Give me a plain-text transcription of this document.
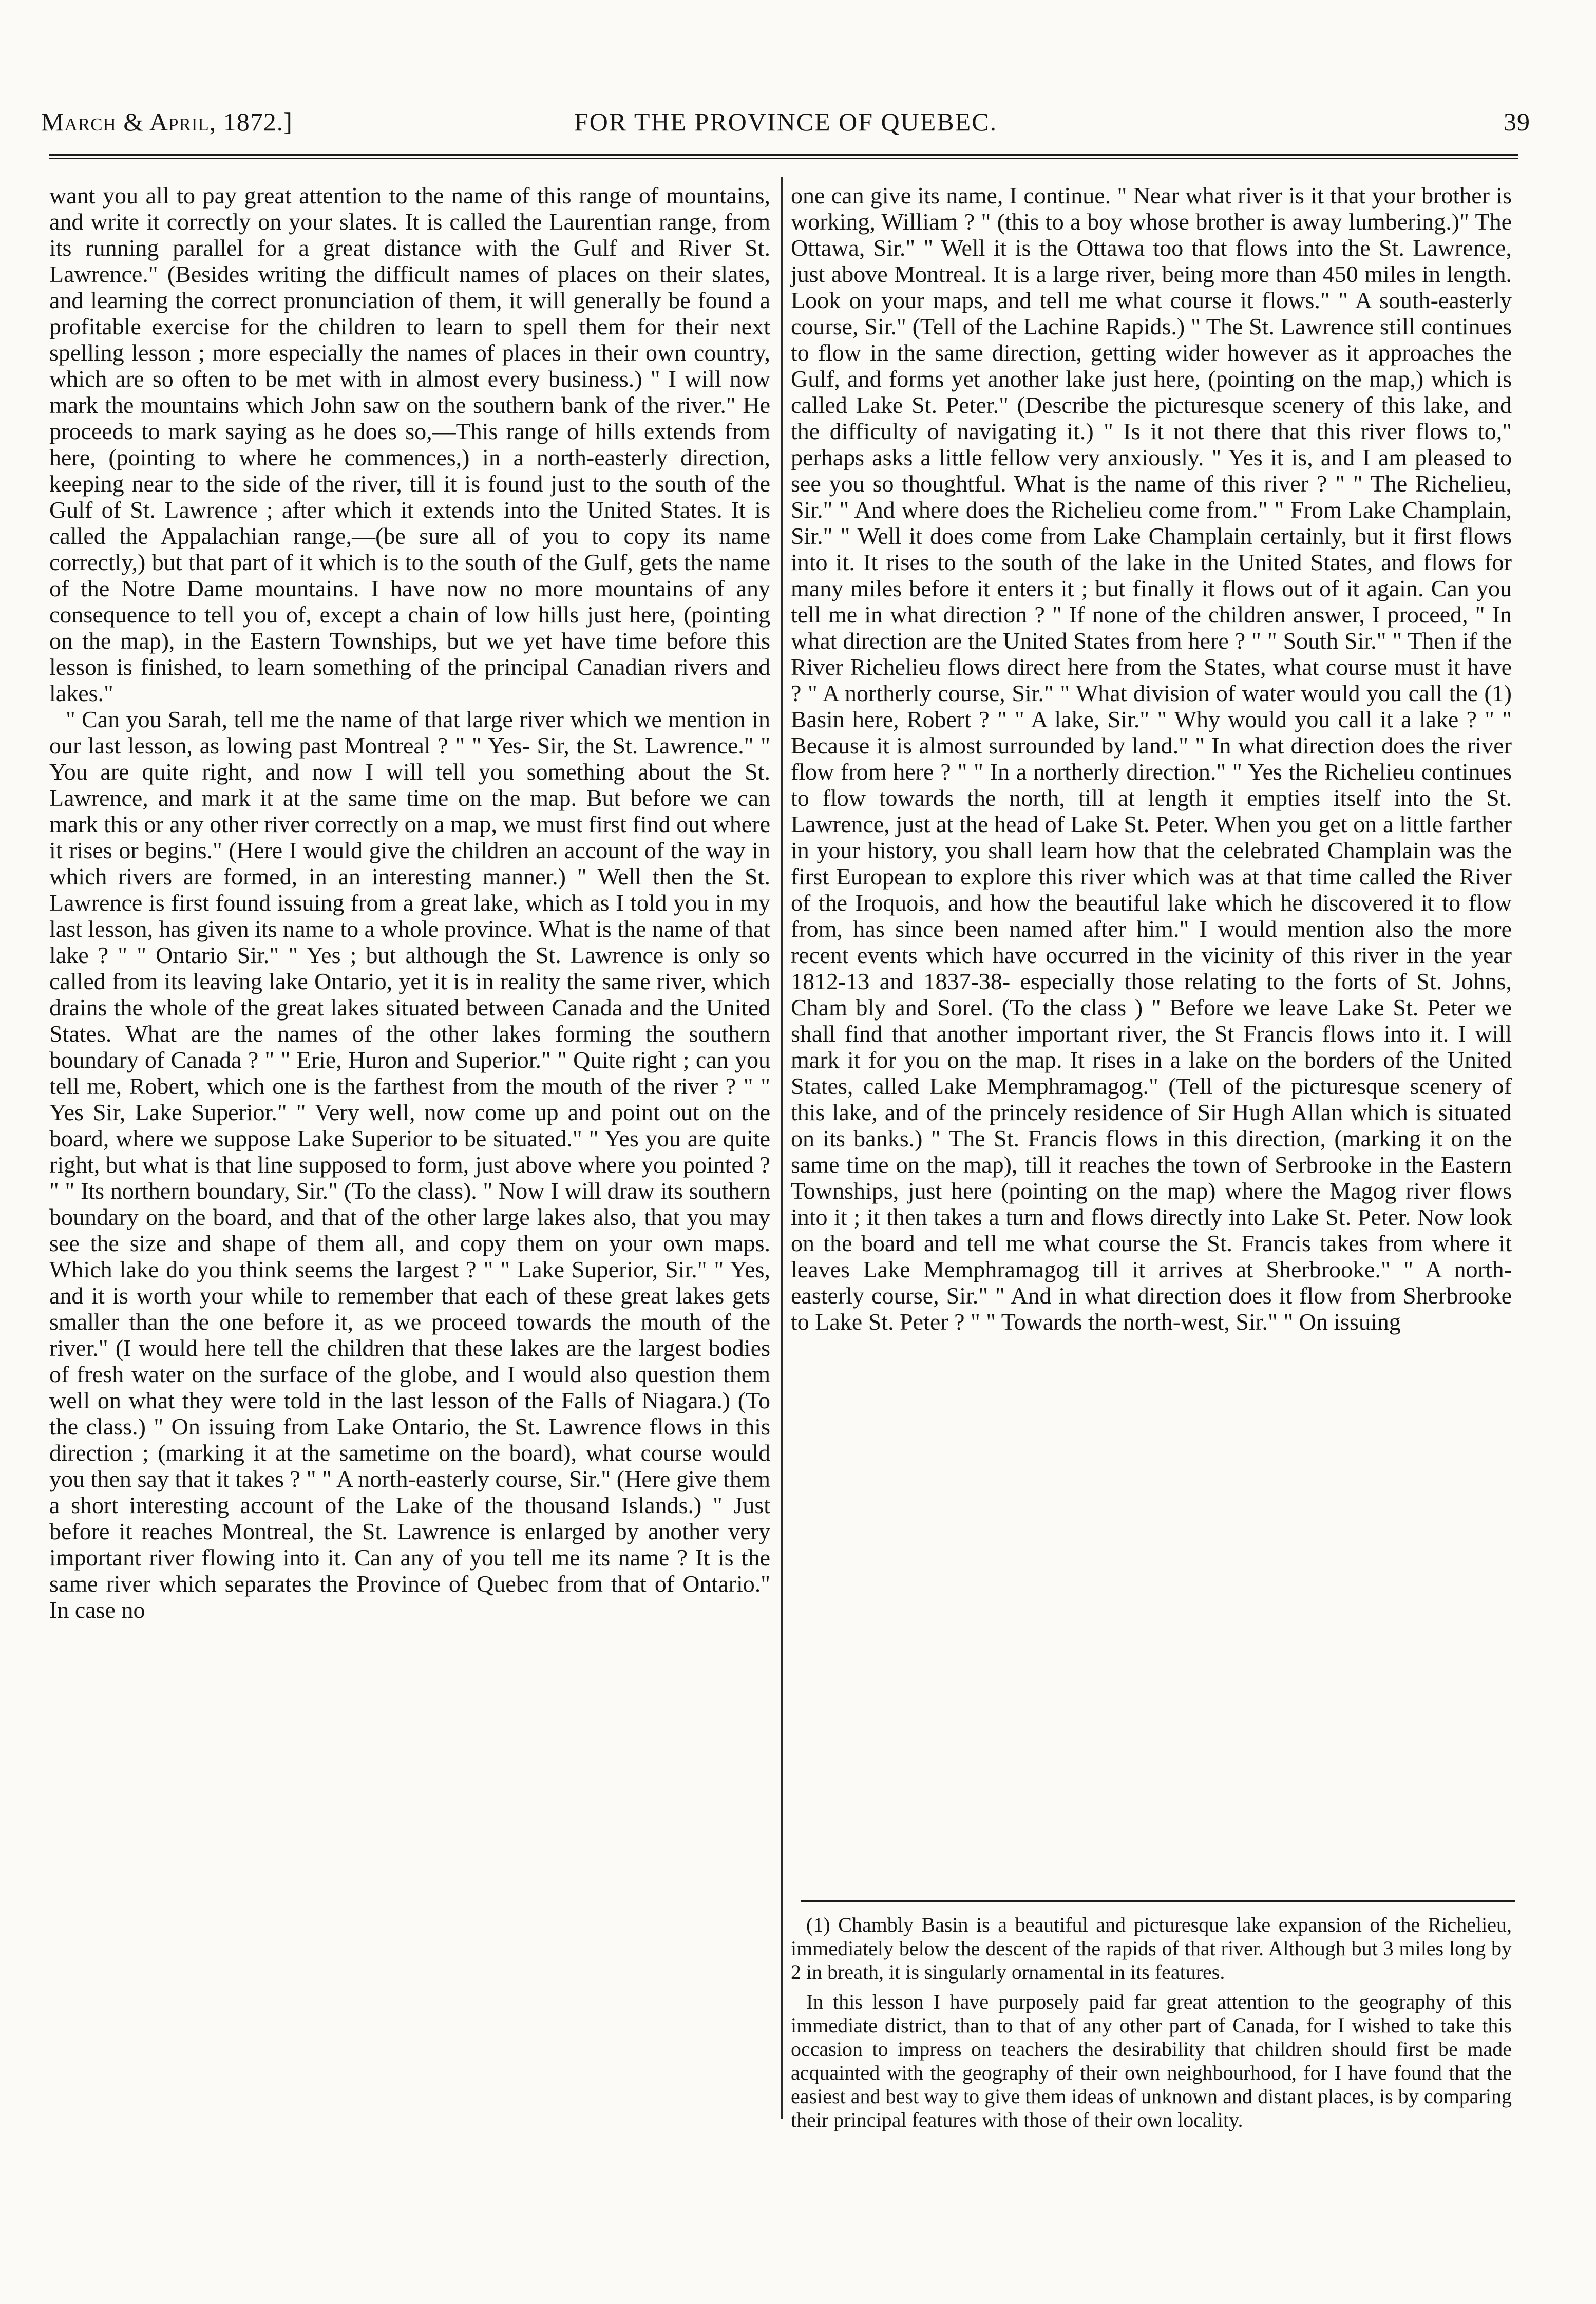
FOR THE PROVINCE OF QUEBEC.
March & April, 1872.]	39

want you all to pay great attention to the name of this range of mountains, and write it correctly on your slates. It is called the Laurentian range, from its running parallel for a great distance with the Gulf and River St. Lawrence." (Besides writing the difficult names of places on their slates, and learning the correct pronunciation of them, it will generally be found a profitable exercise for the children to learn to spell them for their next spelling lesson ; more especially the names of places in their own country, which are so often to be met with in almost every business.) " I will now mark the mountains which John saw on the southern bank of the river." He proceeds to mark saying as he does so,—This range of hills extends from here, (pointing to where he commences,) in a north-easterly direction, keeping near to the side of the river, till it is found just to the south of the Gulf of St. Lawrence ; after which it extends into the United States. It is called the Appalachian range,—(be sure all of you to copy its name correctly,) but that part of it which is to the south of the Gulf, gets the name of the Notre Dame mountains. I have now no more mountains of any consequence to tell you of, except a chain of low hills just here, (pointing on the map), in the Eastern Townships, but we yet have time before this lesson is finished, to learn something of the principal Canadian rivers and lakes."

" Can you Sarah, tell me the name of that large river which we mention in our last lesson, as lowing past Montreal ? " " Yes- Sir, the St. Lawrence." " You are quite right, and now I will tell you something about the St. Lawrence, and mark it at the same time on the map. But before we can mark this or any other river correctly on a map, we must first find out where it rises or begins." (Here I would give the children an account of the way in which rivers are formed, in an interesting manner.) " Well then the St. Lawrence is first found issuing from a great lake, which as I told you in my last lesson, has given its name to a whole province. What is the name of that lake ? " " Ontario Sir." " Yes ; but although the St. Lawrence is only so called from its leaving lake Ontario, yet it is in reality the same river, which drains the whole of the great lakes situated between Canada and the United States. What are the names of the other lakes forming the southern boundary of Canada ? " " Erie, Huron and Superior." " Quite right ; can you tell me, Robert, which one is the farthest from the mouth of the river ? " " Yes Sir, Lake Superior." " Very well, now come up and point out on the board, where we suppose Lake Superior to be situated." " Yes you are quite right, but what is that line supposed to form, just above where you pointed ? " " Its northern boundary, Sir." (To the class). " Now I will draw its southern boundary on the board, and that of the other large lakes also, that you may see the size and shape of them all, and copy them on your own maps. Which lake do you think seems the largest ? " " Lake Superior, Sir." " Yes, and it is worth your while to remember that each of these great lakes gets smaller than the one before it, as we proceed towards the mouth of the river." (I would here tell the children that these lakes are the largest bodies of fresh water on the surface of the globe, and I would also question them well on what they were told in the last lesson of the Falls of Niagara.) (To the class.) " On issuing from Lake Ontario, the St. Lawrence flows in this direction ; (marking it at the sametime on the board), what course would you then say that it takes ? " " A north-easterly course, Sir." (Here give them a short interesting account of the Lake of the thousand Islands.) " Just before it reaches Montreal, the St. Lawrence is enlarged by another very important river flowing into it. Can any of you tell me its name ? It is the same river which separates the Province of Quebec from that of Ontario." In case no

one can give its name, I continue. " Near what river is it that your brother is working, William ? " (this to a boy whose brother is away lumbering.)" The Ottawa, Sir." " Well it is the Ottawa too that flows into the St. Lawrence, just above Montreal. It is a large river, being more than 450 miles in length. Look on your maps, and tell me what course it flows." " A south-easterly course, Sir." (Tell of the Lachine Rapids.) " The St. Lawrence still continues to flow in the same direction, getting wider however as it approaches the Gulf, and forms yet another lake just here, (pointing on the map,) which is called Lake St. Peter." (Describe the picturesque scenery of this lake, and the difficulty of navigating it.) " Is it not there that this river flows to," perhaps asks a little fellow very anxiously. " Yes it is, and I am pleased to see you so thoughtful. What is the name of this river ? " " The Richelieu, Sir." " And where does the Richelieu come from." " From Lake Champlain, Sir." " Well it does come from Lake Champlain certainly, but it first flows into it. It rises to the south of the lake in the United States, and flows for many miles before it enters it ; but finally it flows out of it again. Can you tell me in what direction ? " If none of the children answer, I proceed, " In what direction are the United States from here ? " " South Sir." " Then if the River Richelieu flows direct here from the States, what course must it have ? " A northerly course, Sir." " What division of water would you call the (1) Basin here, Robert ? " " A lake, Sir." " Why would you call it a lake ? " " Because it is almost surrounded by land." " In what direction does the river flow from here ? " " In a northerly direction." " Yes the Richelieu continues to flow towards the north, till at length it empties itself into the St. Lawrence, just at the head of Lake St. Peter. When you get on a little farther in your history, you shall learn how that the celebrated Champlain was the first European to explore this river which was at that time called the River of the Iroquois, and how the beautiful lake which he discovered it to flow from, has since been named after him." I would mention also the more recent events which have occurred in the vicinity of this river in the year 1812-13 and 1837-38- especially those relating to the forts of St. Johns, Cham bly and Sorel. (To the class ) " Before we leave Lake St. Peter we shall find that another important river, the St Francis flows into it. I will mark it for you on the map. It rises in a lake on the borders of the United States, called Lake Memphramagog." (Tell of the picturesque scenery of this lake, and of the princely residence of Sir Hugh Allan which is situated on its banks.) " The St. Francis flows in this direction, (marking it on the same time on the map), till it reaches the town of Serbrooke in the Eastern Townships, just here (pointing on the map) where the Magog river flows into it ; it then takes a turn and flows directly into Lake St. Peter. Now look on the board and tell me what course the St. Francis takes from where it leaves Lake Memphramagog till it arrives at Sherbrooke." " A north-easterly course, Sir." " And in what direction does it flow from Sherbrooke to Lake St. Peter ? " " Towards the north-west, Sir." " On issuing

(1) Chambly Basin is a beautiful and picturesque lake expansion of the Richelieu, immediately below the descent of the rapids of that river. Although but 3 miles long by 2 in breath, it is singularly ornamental in its features.

In this lesson I have purposely paid far great attention to the geography of this immediate district, than to that of any other part of Canada, for I wished to take this occasion to impress on teachers the desirability that children should first be made acquainted with the geography of their own neighbourhood, for I have found that the easiest and best way to give them ideas of unknown and distant places, is by comparing their principal features with those of their own locality.
